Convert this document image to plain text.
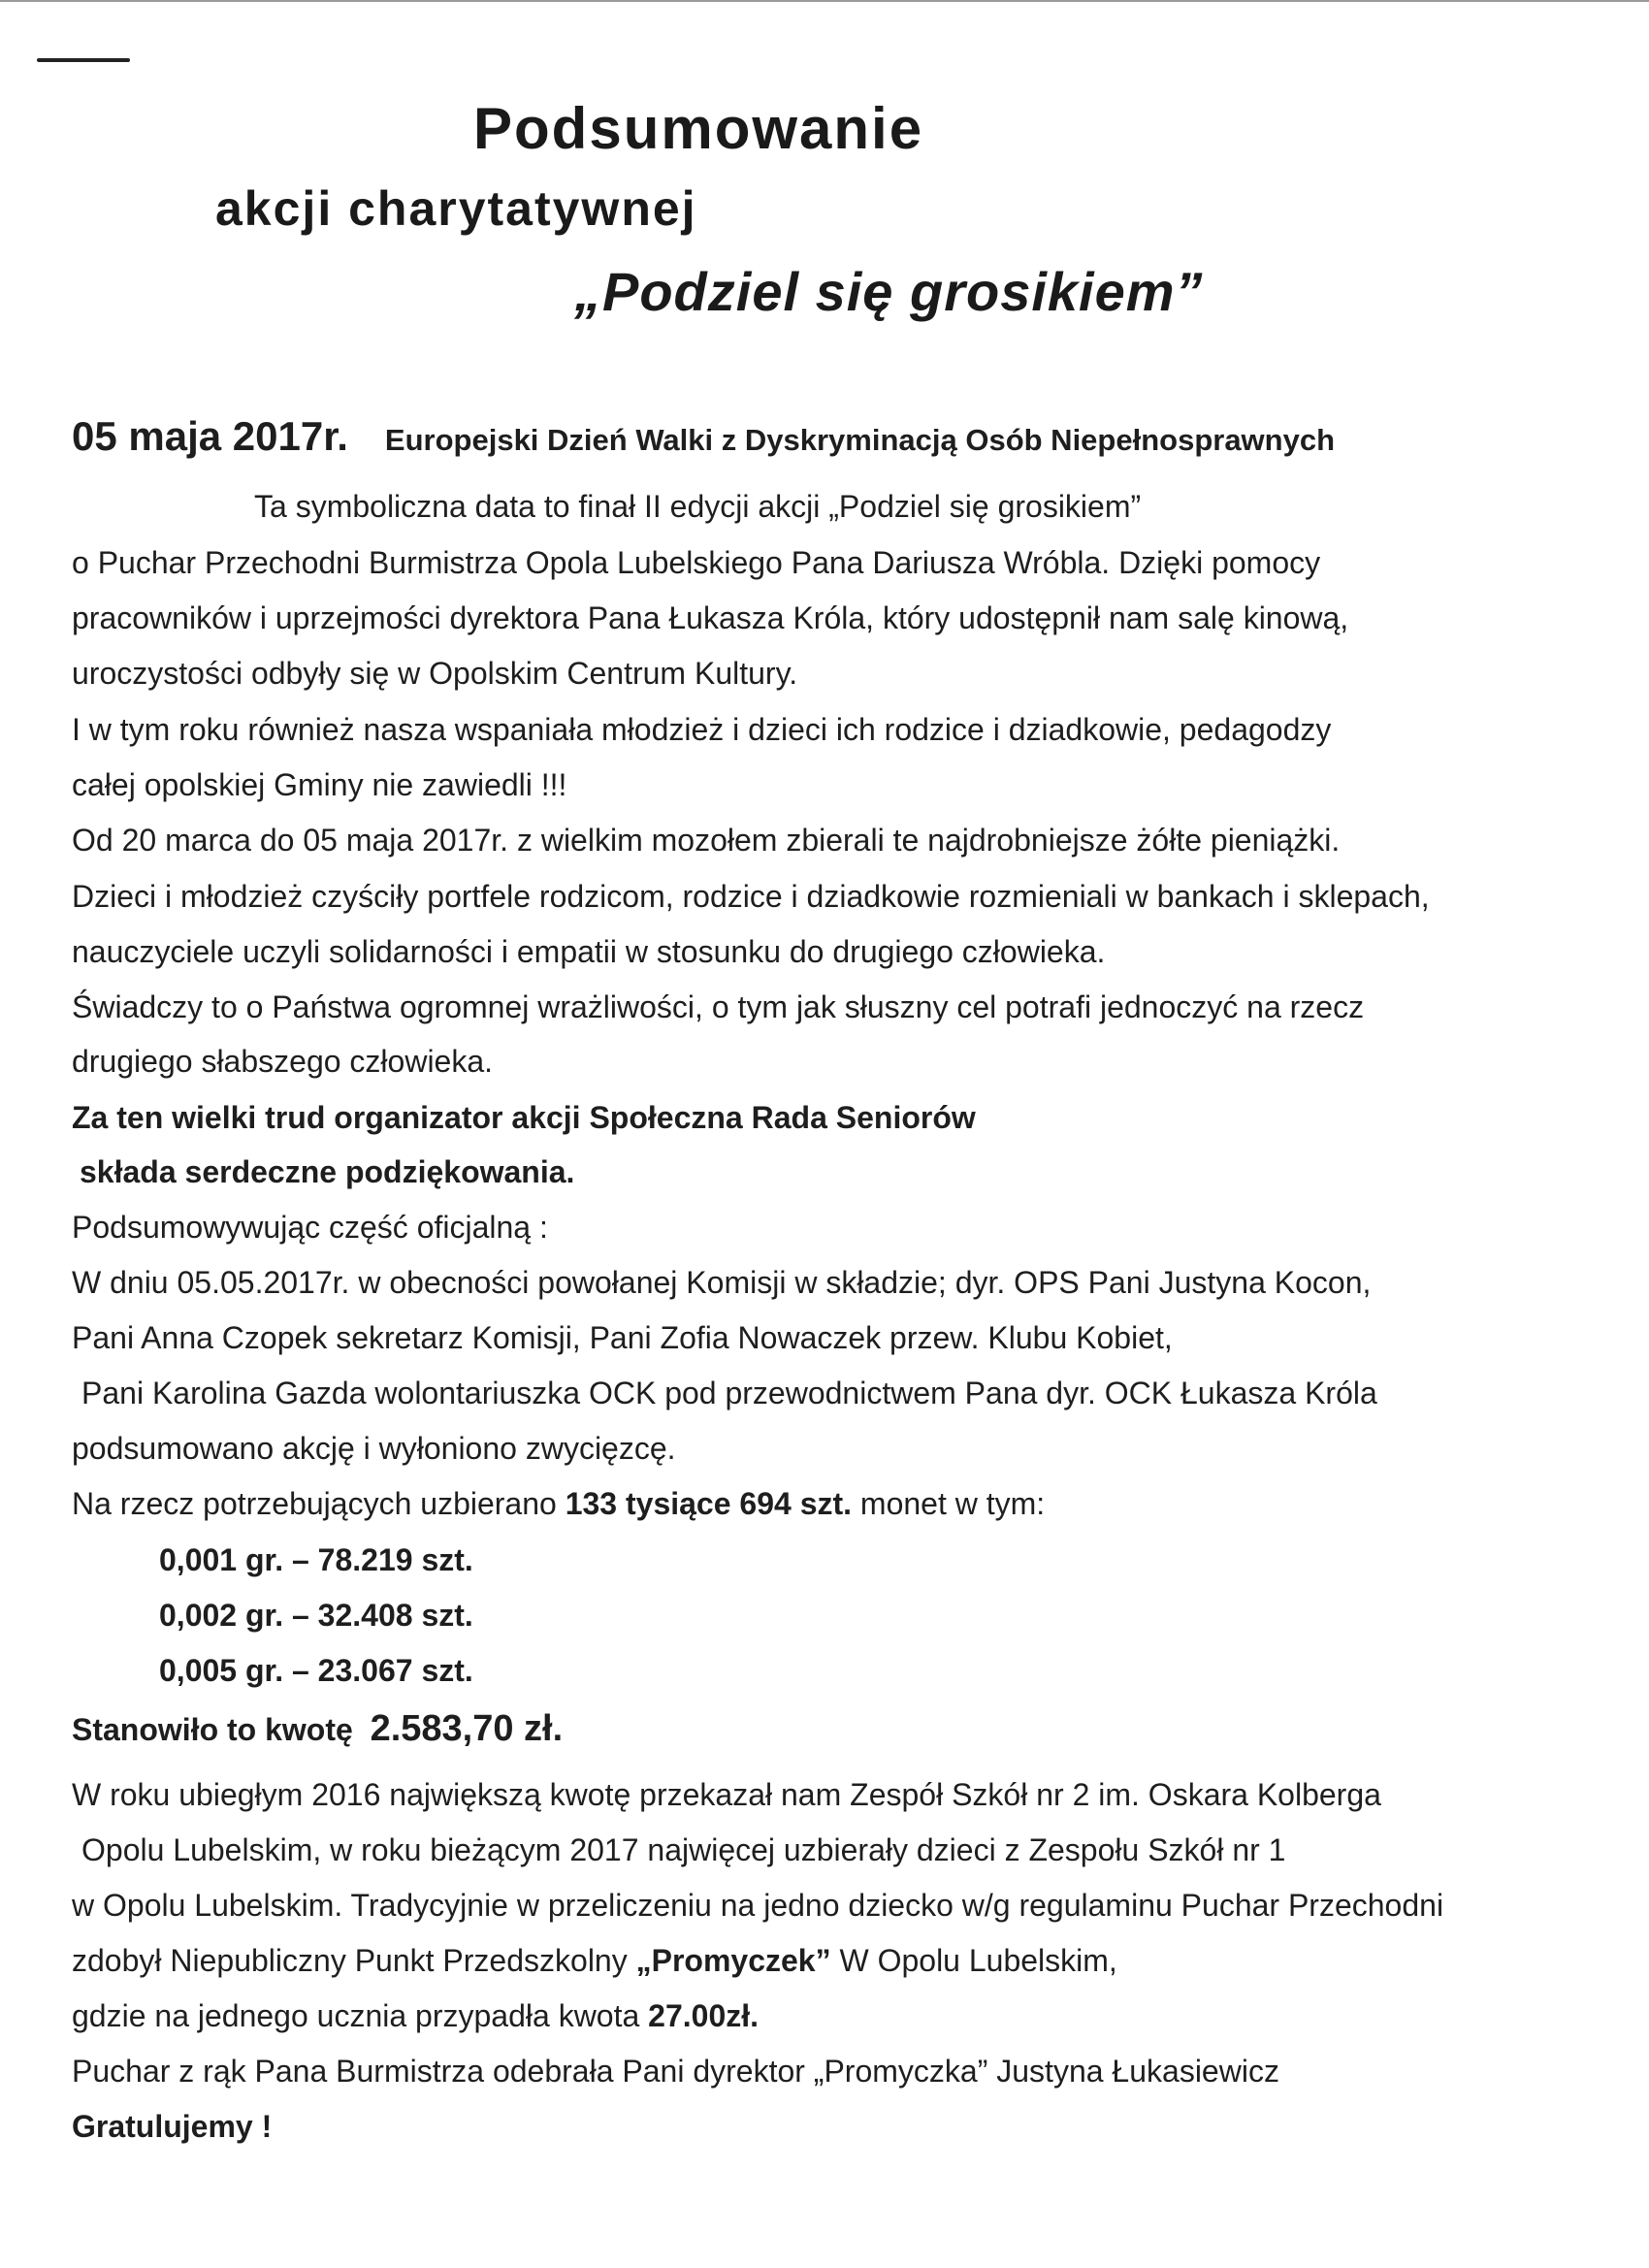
Podsumowanie
akcji charytatywnej
„Podziel się grosikiem”
05 maja 2017r. Europejski Dzień Walki z Dyskryminacją Osób Niepełnosprawnych
Ta symboliczna data to finał II edycji akcji „Podziel się grosikiem”
o Puchar Przechodni Burmistrza Opola Lubelskiego Pana Dariusza Wróbla. Dzięki pomocy
pracowników i uprzejmości dyrektora Pana Łukasza Króla, który udostępnił nam salę kinową,
uroczystości odbyły się w Opolskim Centrum Kultury.
I w tym roku również nasza wspaniała młodzież i dzieci ich rodzice i dziadkowie, pedagodzy
całej opolskiej Gminy nie zawiedli !!!
Od 20 marca do 05 maja 2017r. z wielkim mozołem zbierali te najdrobniejsze żółte pieniążki.
Dzieci i młodzież czyściły portfele rodzicom, rodzice i dziadkowie rozmieniali w bankach i sklepach,
nauczyciele uczyli solidarności i empatii w stosunku do drugiego człowieka.
Świadczy to o Państwa ogromnej wrażliwości, o tym jak słuszny cel potrafi jednoczyć na rzecz
drugiego słabszego człowieka.
Za ten wielki trud organizator akcji Społeczna Rada Seniorów
składa serdeczne podziękowania.
Podsumowywując część oficjalną :
W dniu 05.05.2017r. w obecności powołanej Komisji w składzie; dyr. OPS Pani Justyna Kocon,
Pani Anna Czopek sekretarz Komisji, Pani Zofia Nowaczek przew. Klubu Kobiet,
Pani Karolina Gazda wolontariuszka OCK pod przewodnictwem Pana dyr. OCK Łukasza Króla
podsumowano akcję i wyłoniono zwycięzcę.
Na rzecz potrzebujących uzbierano 133 tysiące 694 szt. monet w tym:
0,001 gr. – 78.219 szt.
0,002 gr. – 32.408 szt.
0,005 gr. – 23.067 szt.
Stanowiło to kwotę 2.583,70 zł.
W roku ubiegłym 2016 największą kwotę przekazał nam Zespół Szkół nr 2 im. Oskara Kolberga
Opolu Lubelskim, w roku bieżącym 2017 najwięcej uzbierały dzieci z Zespołu Szkół nr 1
w Opolu Lubelskim. Tradycyjnie w przeliczeniu na jedno dziecko w/g regulaminu Puchar Przechodni
zdobył Niepubliczny Punkt Przedszkolny „Promyczek” W Opolu Lubelskim,
gdzie na jednego ucznia przypadła kwota 27.00zł.
Puchar z rąk Pana Burmistrza odebrała Pani dyrektor „Promyczka” Justyna Łukasiewicz
Gratulujemy !
